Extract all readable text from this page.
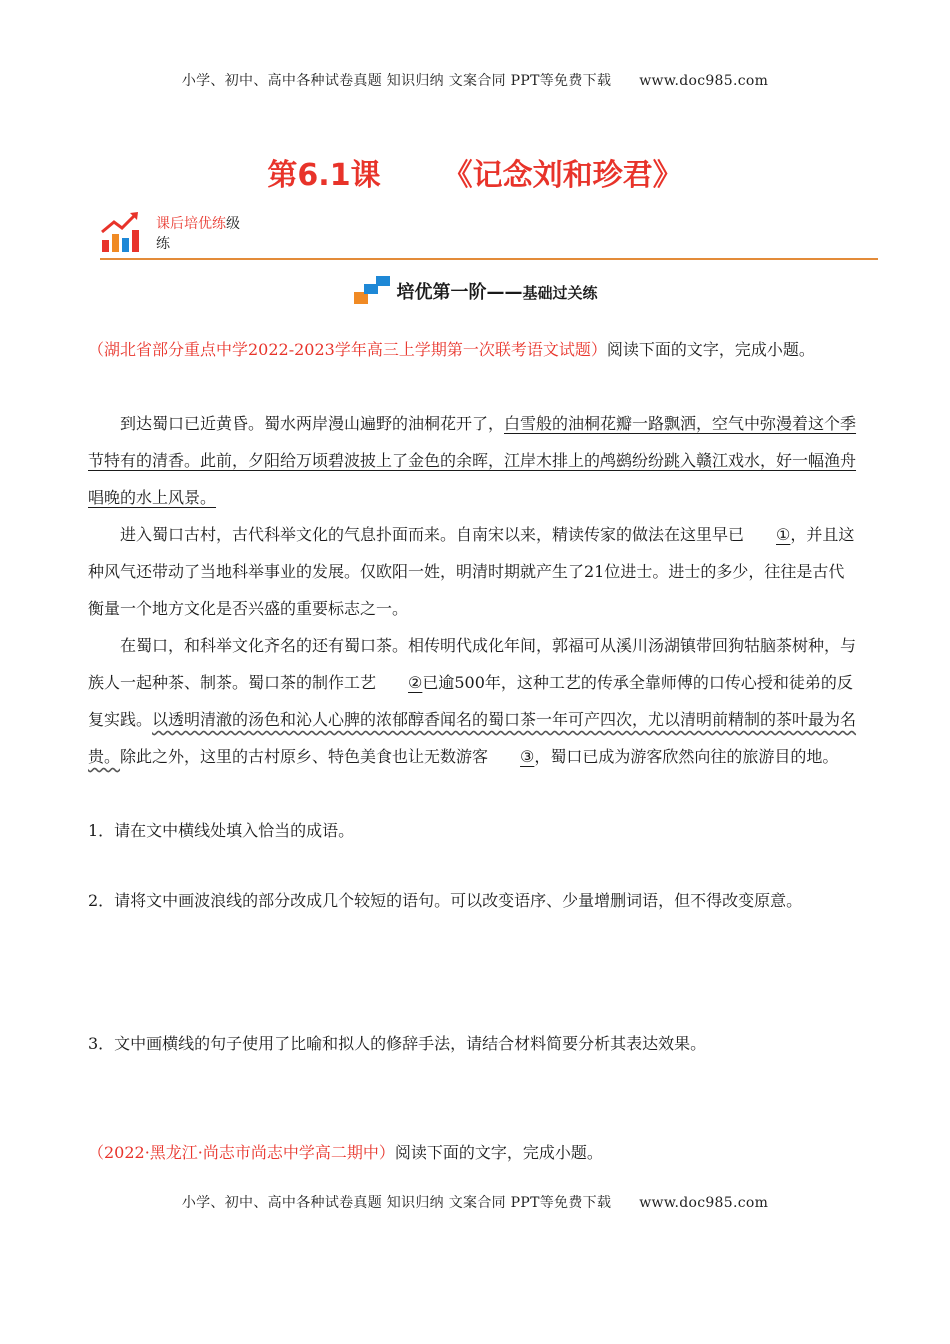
小学、初中、高中各种试卷真题 知识归纳 文案合同 PPT等免费下载 www.doc985.com
第6.1课 《记念刘和珍君》
课后培优练级
练
培优第一阶——基础过关练
（湖北省部分重点中学2022-2023学年高三上学期第一次联考语文试题）阅读下面的文字，完成小题。
到达蜀口已近黄昏。蜀水两岸漫山遍野的油桐花开了，白雪般的油桐花瓣一路飘洒，空气中弥漫着这个季节特有的清香。此前，夕阳给万顷碧波披上了金色的余晖，江岸木排上的鸬鹚纷纷跳入赣江戏水，好一幅渔舟唱晚的水上风景。
进入蜀口古村，古代科举文化的气息扑面而来。自南宋以来，精读传家的做法在这里早已 ①，并且这种风气还带动了当地科举事业的发展。仅欧阳一姓，明清时期就产生了21位进士。进士的多少，往往是古代衡量一个地方文化是否兴盛的重要标志之一。
在蜀口，和科举文化齐名的还有蜀口茶。相传明代成化年间，郭福可从溪川汤湖镇带回狗牯脑茶树种，与族人一起种茶、制茶。蜀口茶的制作工艺 ②已逾500年，这种工艺的传承全靠师傅的口传心授和徒弟的反复实践。以透明清澈的汤色和沁人心脾的浓郁醇香闻名的蜀口茶一年可产四次，尤以清明前精制的茶叶最为名贵。除此之外，这里的古村原乡、特色美食也让无数游客 ③，蜀口已成为游客欣然向往的旅游目的地。
1．请在文中横线处填入恰当的成语。
2．请将文中画波浪线的部分改成几个较短的语句。可以改变语序、少量增删词语，但不得改变原意。
3．文中画横线的句子使用了比喻和拟人的修辞手法，请结合材料简要分析其表达效果。
（2022·黑龙江·尚志市尚志中学高二期中）阅读下面的文字，完成小题。
小学、初中、高中各种试卷真题 知识归纳 文案合同 PPT等免费下载 www.doc985.com
